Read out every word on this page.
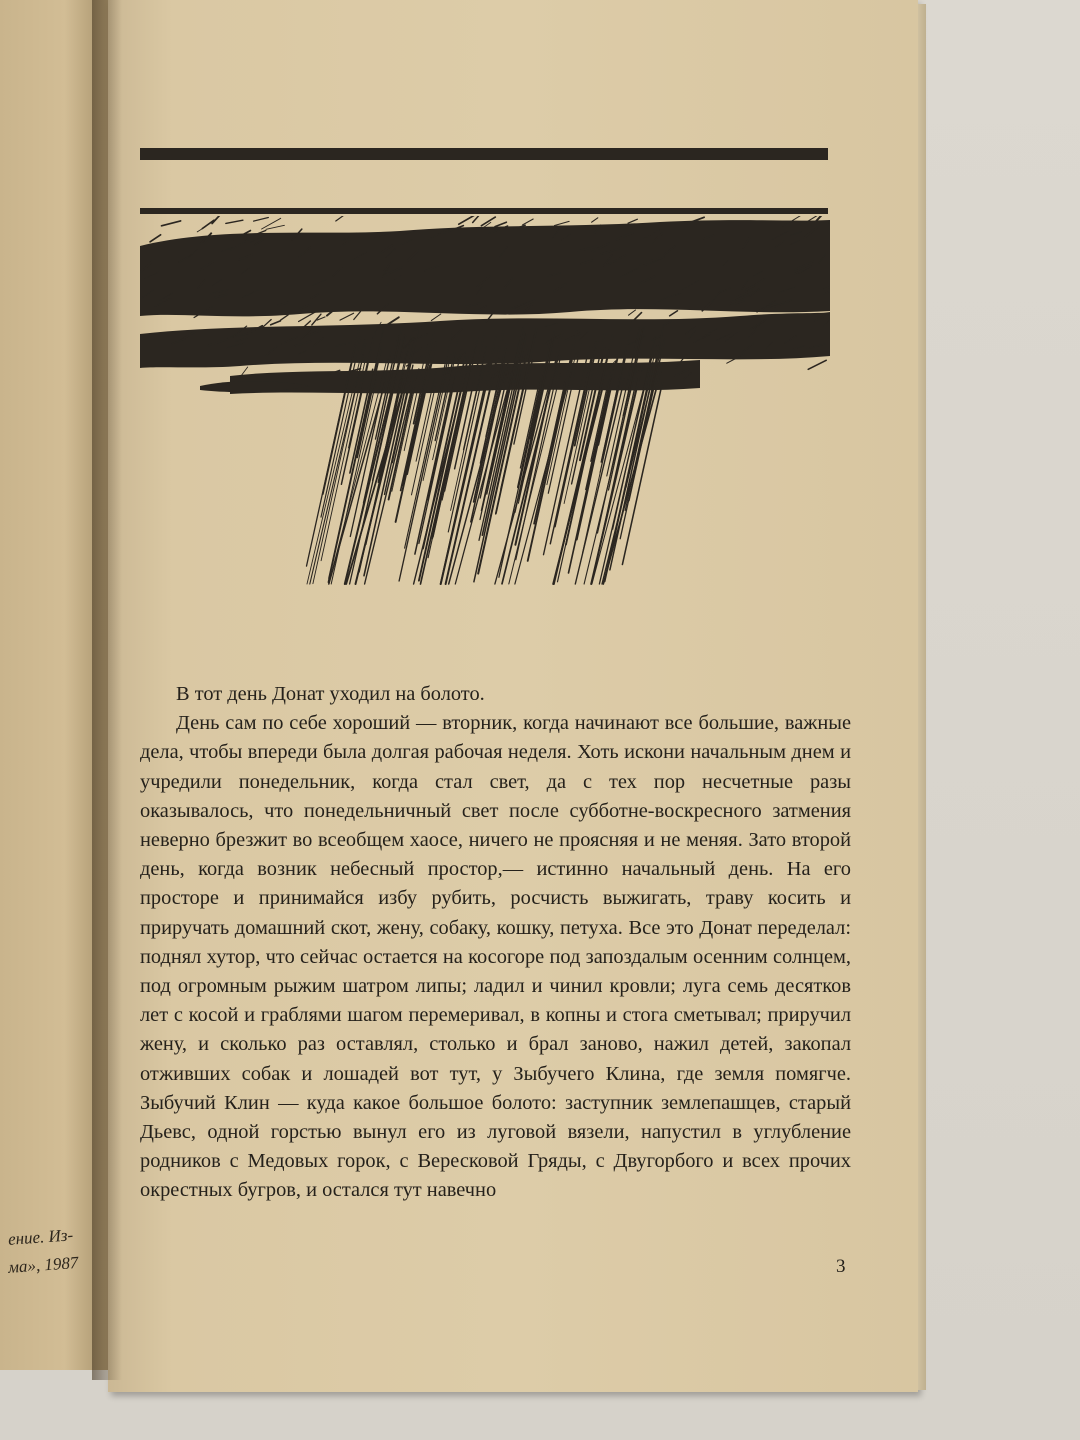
ение. Из-
ма», 1987

В тот день Донат уходил на болото.

День сам по себе хороший — вторник, когда начинают все большие, важные дела, чтобы впереди была долгая рабочая неделя. Хоть искони начальным днем и учредили понедельник, когда стал свет, да с тех пор несчетные разы оказывалось, что понедельничный свет после субботне-воскресного затмения неверно брезжит во всеобщем хаосе, ничего не проясняя и не меняя. Зато второй день, когда возник небесный простор,— истинно начальный день. На его просторе и принимайся избу рубить, росчисть выжигать, траву косить и приручать домашний скот, жену, собаку, кошку, петуха. Все это Донат переделал: поднял хутор, что сейчас остается на косогоре под запоздалым осенним солнцем, под огромным рыжим шатром липы; ладил и чинил кровли; луга семь десятков лет с косой и граблями шагом перемеривал, в копны и стога сметывал; приручил жену, и сколько раз оставлял, столько и брал заново, нажил детей, закопал отживших собак и лошадей вот тут, у Зыбучего Клина, где земля помягче. Зыбучий Клин — куда какое большое болото: заступник землепашцев, старый Дьевс, одной горстью вынул его из луговой вязели, напустил в углубление родников с Медовых горок, с Вересковой Гряды, с Двугорбого и всех прочих окрестных бугров, и остался тут навечно

3
